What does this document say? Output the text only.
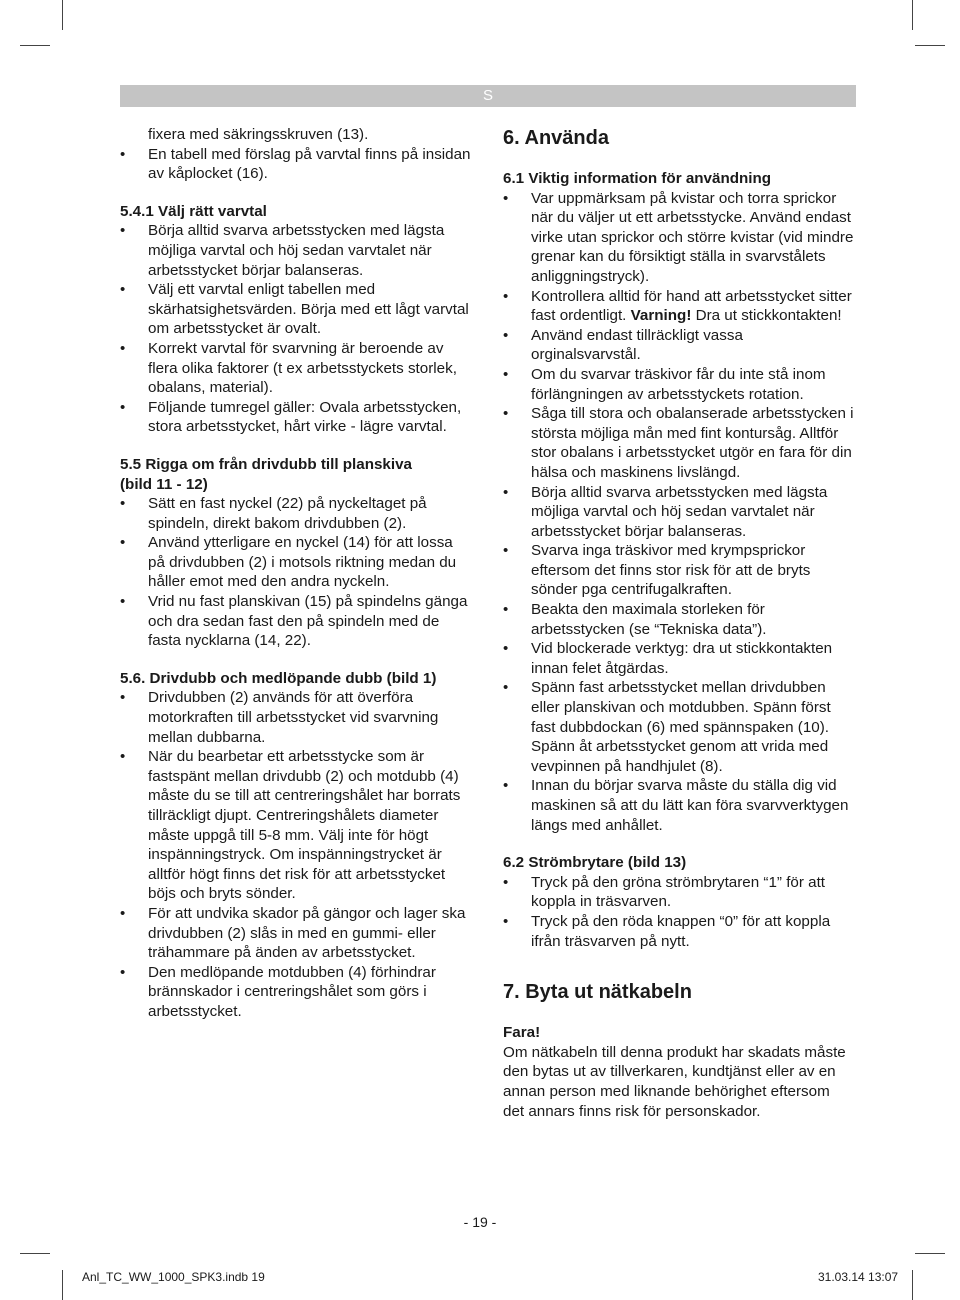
S

fixera med säkringsskruven (13).

• En tabell med förslag på varvtal finns på insidan av kåplocket (16).

5.4.1 Välj rätt varvtal

• Börja alltid svarva arbetsstycken med lägsta möjliga varvtal och höj sedan varvtalet när arbetsstycket börjar balanseras.
• Välj ett varvtal enligt tabellen med skärhatsighetsvärden. Börja med ett lågt varvtal om arbetsstycket är ovalt.
• Korrekt varvtal för svarvning är beroende av flera olika faktorer (t ex arbetsstyckets storlek, obalans, material).
• Följande tumregel gäller: Ovala arbetsstycken, stora arbetsstycket, hårt virke - lägre varvtal.

5.5 Rigga om från drivdubb till planskiva

(bild 11 - 12)

• Sätt en fast nyckel (22) på nyckeltaget på spindeln, direkt bakom drivdubben (2).
• Använd ytterligare en nyckel (14) för att lossa på drivdubben (2) i motsols riktning medan du håller emot med den andra nyckeln.
• Vrid nu fast planskivan (15) på spindelns gänga och dra sedan fast den på spindeln med de fasta nycklarna (14, 22).

5.6. Drivdubb och medlöpande dubb (bild 1)

• Drivdubben (2) används för att överföra motorkraften till arbetsstycket vid svarvning mellan dubbarna.
• När du bearbetar ett arbetsstycke som är fastspänt mellan drivdubb (2) och motdubb (4) måste du se till att centreringshålet har borrats tillräckligt djupt. Centreringshålets diameter måste uppgå till 5-8 mm. Välj inte för högt inspänningstryck. Om inspänningstrycket är alltför högt finns det risk för att arbetsstycket böjs och bryts sönder.
• För att undvika skador på gängor och lager ska drivdubben (2) slås in med en gummi- eller trähammare på änden av arbetsstycket.
• Den medlöpande motdubben (4) förhindrar brännskador i centreringshålet som görs i arbetsstycket.

6. Använda

6.1 Viktig information för användning

• Var uppmärksam på kvistar och torra sprickor när du väljer ut ett arbetsstycke. Använd endast virke utan sprickor och större kvistar (vid mindre grenar kan du försiktigt ställa in svarvstålets anliggningstryck).
• Kontrollera alltid för hand att arbetsstycket sitter fast ordentligt. Varning! Dra ut stickkontakten!
• Använd endast tillräckligt vassa orginalsvarvstål.
• Om du svarvar träskivor får du inte stå inom förlängningen av arbetsstyckets rotation.
• Såga till stora och obalanserade arbetsstycken i största möjliga mån med fint kontursåg. Alltför stor obalans i arbetsstycket utgör en fara för din hälsa och maskinens livslängd.
• Börja alltid svarva arbetsstycken med lägsta möjliga varvtal och höj sedan varvtalet när arbetsstycket börjar balanseras.
• Svarva inga träskivor med krympsprickor eftersom det finns stor risk för att de bryts sönder pga centrifugalkraften.
• Beakta den maximala storleken för arbetsstycken (se “Tekniska data”).
• Vid blockerade verktyg: dra ut stickkontakten innan felet åtgärdas.
• Spänn fast arbetsstycket mellan drivdubben eller planskivan och motdubben. Spänn först fast dubbdockan (6) med spännspaken (10). Spänn åt arbetsstycket genom att vrida med vevpinnen på handhjulet (8).
• Innan du börjar svarva måste du ställa dig vid maskinen så att du lätt kan föra svarvverktygen längs med anhållet.

6.2 Strömbrytare (bild 13)

• Tryck på den gröna strömbrytaren “1” för att koppla in träsvarven.
• Tryck på den röda knappen “0” för att koppla ifrån träsvarven på nytt.

7. Byta ut nätkabeln

Fara!

Om nätkabeln till denna produkt har skadats måste den bytas ut av tillverkaren, kundtjänst eller av en annan person med liknande behörighet eftersom det annars finns risk för personskador.

- 19 -
Anl_TC_WW_1000_SPK3.indb 19	31.03.14 13:07
